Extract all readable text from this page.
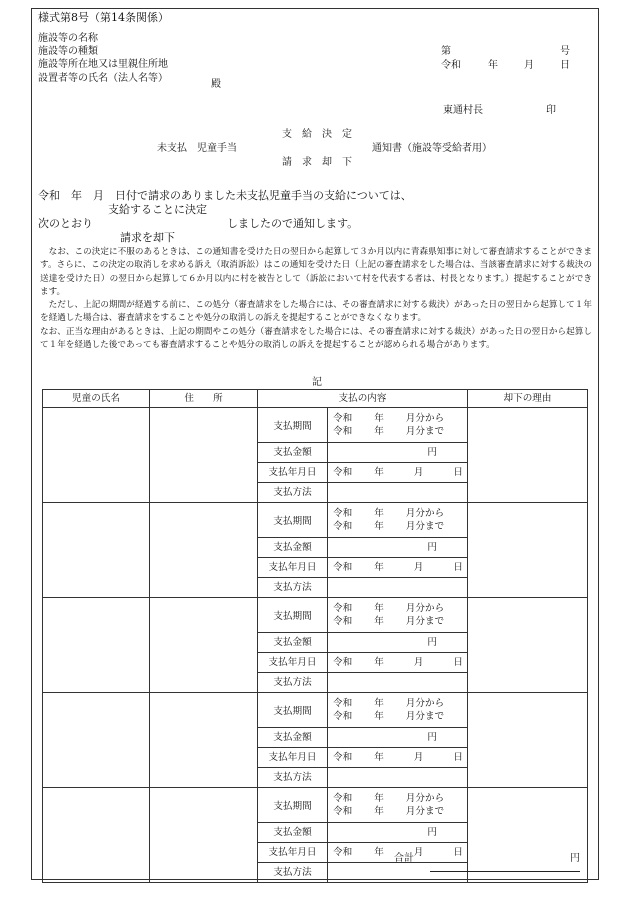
様式第8号（第14条関係）
施設等の名称
施設等の種類
施設等所在地又は里親住所地
設置者等の氏名（法人名等）
殿
第	号
令和	年	月	日
東通村長	印
支　給　決　定
未支払　児童手当	通知書（施設等受給者用）
請　求　却　下
令和　年　月　日付で請求のありました未支払児童手当の支給については、
支給することに決定
次のとおり	しましたので通知します。
請求を却下
なお、この決定に不服のあるときは、この通知書を受けた日の翌日から起算して３か月以内に青森県知事に対して審査請求することができます。さらに、この決定の取消しを求める訴え（取消訴訟）はこの通知を受けた日（上記の審査請求をした場合は、当該審査請求に対する裁決の送達を受けた日）の翌日から起算して６か月以内に村を被告として（訴訟において村を代表する者は、村長となります。）提起することができます。
ただし、上記の期間が経過する前に、この処分（審査請求をした場合には、その審査請求に対する裁決）があった日の翌日から起算して１年を経過した場合は、審査請求をすることや処分の取消しの訴えを提起することができなくなります。
なお、正当な理由があるときは、上記の期間やこの処分（審査請求をした場合には、その審査請求に対する裁決）があった日の翌日から起算して１年を経過した後であっても審査請求することや処分の取消しの訴えを提起することが認められる場合があります。
記
児童の氏名	住　　所	支払の内容		却下の理由
		支払期間	令和 年 月分から
令和 年 月分まで	

		支払金額	円	
		支払年月日	令和 年 月 日	
		支払方法		
		支払期間	令和 年 月分から
令和 年 月分まで	

		支払金額	円	
		支払年月日	令和 年 月 日	
		支払方法		
		支払期間	令和 年 月分から
令和 年 月分まで	

		支払金額	円	
		支払年月日	令和 年 月 日	
		支払方法		
		支払期間	令和 年 月分から
令和 年 月分まで	

		支払金額	円	
		支払年月日	令和 年 月 日	
		支払方法		
		支払期間	令和 年 月分から
令和 年 月分まで	

		支払金額	円	
		支払年月日	令和 年 月 日	
		支払方法		
合計	円
